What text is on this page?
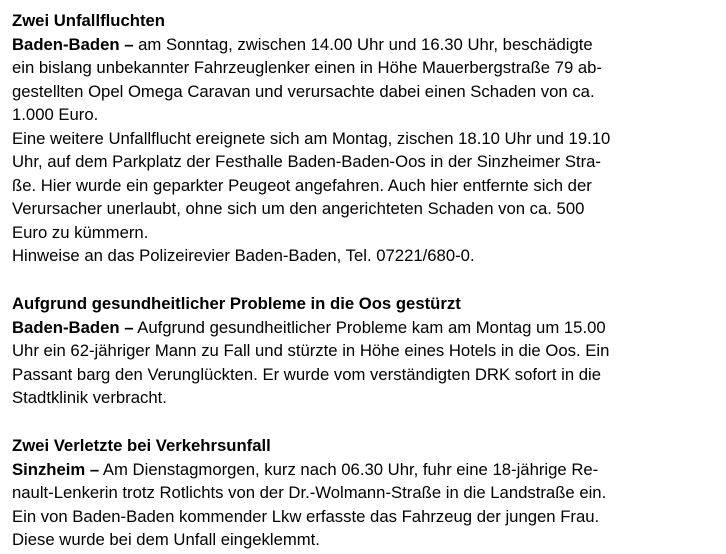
Zwei Unfallfluchten
Baden-Baden – am Sonntag, zwischen 14.00 Uhr und 16.30 Uhr, beschädigte
ein bislang unbekannter Fahrzeuglenker einen in Höhe Mauerbergstraße 79 ab-
gestellten Opel Omega Caravan und verursachte dabei einen Schaden von ca.
1.000 Euro.
Eine weitere Unfallflucht ereignete sich am Montag, zischen 18.10 Uhr und 19.10
Uhr, auf dem Parkplatz der Festhalle Baden-Baden-Oos in der Sinzheimer Stra-
ße. Hier wurde ein geparkter Peugeot angefahren. Auch hier entfernte sich der
Verursacher unerlaubt, ohne sich um den angerichteten Schaden von ca. 500
Euro zu kümmern.
Hinweise an das Polizeirevier Baden-Baden, Tel. 07221/680-0.
Aufgrund gesundheitlicher Probleme in die Oos gestürzt
Baden-Baden – Aufgrund gesundheitlicher Probleme kam am Montag um 15.00
Uhr ein 62-jähriger Mann zu Fall und stürzte in Höhe eines Hotels in die Oos. Ein
Passant barg den Verunglückten. Er wurde vom verständigten DRK sofort in die
Stadtklinik verbracht.
Zwei Verletzte bei Verkehrsunfall
Sinzheim – Am Dienstagmorgen, kurz nach 06.30 Uhr, fuhr eine 18-jährige Re-
nault-Lenkerin trotz Rotlichts von der Dr.-Wolmann-Straße in die Landstraße ein.
Ein von Baden-Baden kommender Lkw erfasste das Fahrzeug der jungen Frau.
Diese wurde bei dem Unfall eingeklemmt.
